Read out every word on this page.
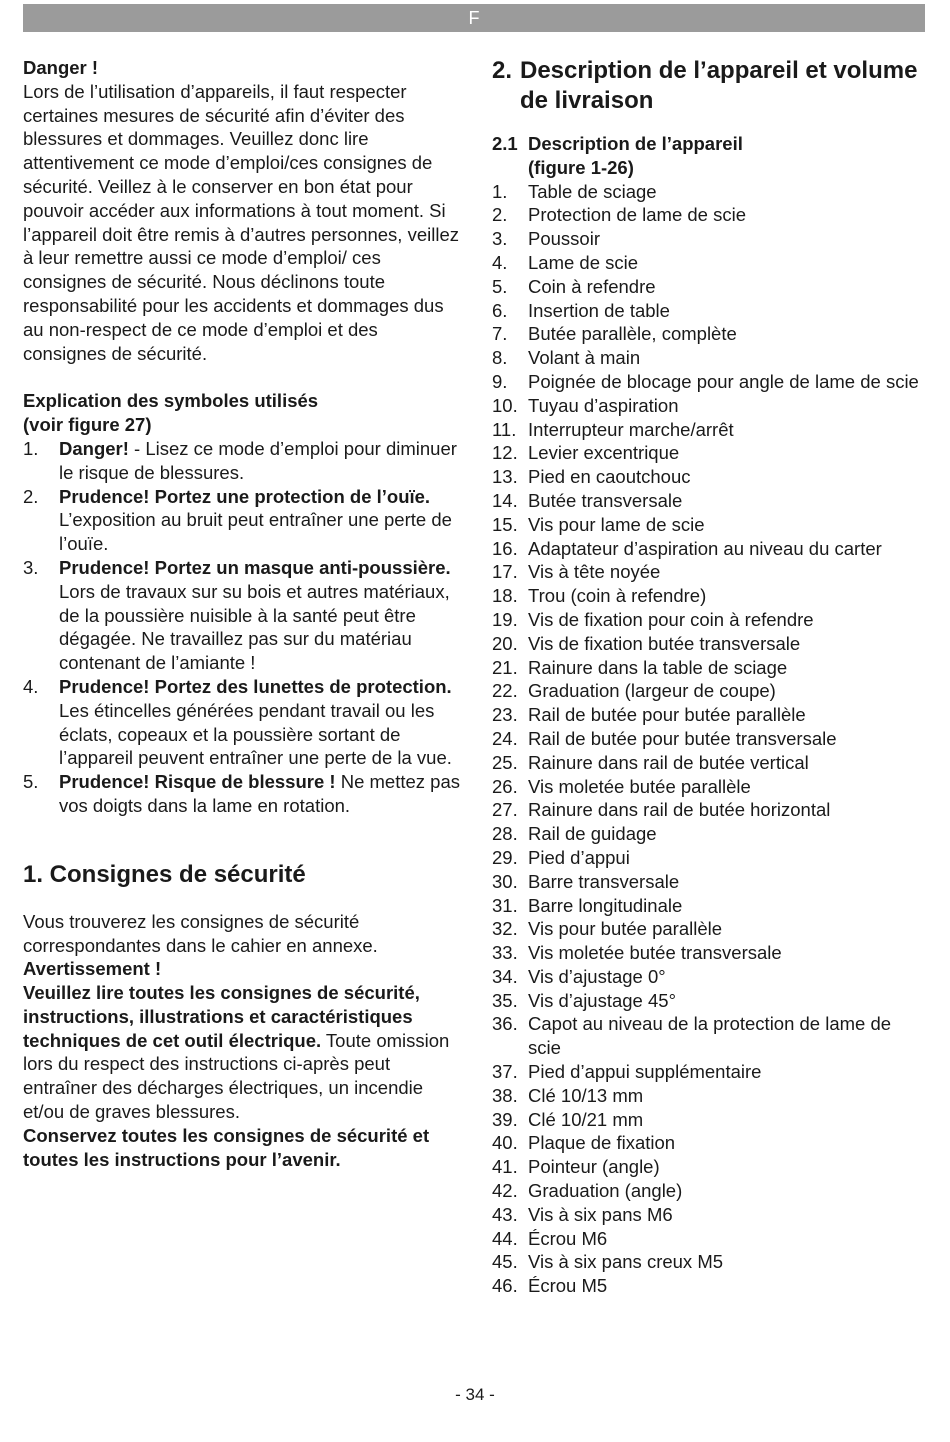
F

Danger !

Lors de l’utilisation d’appareils, il faut respecter certaines mesures de sécurité afin d’éviter des blessures et dommages. Veuillez donc lire attentivement ce mode d’emploi/ces consignes de sécurité. Veillez à le conserver en bon état pour pouvoir accéder aux informations à tout moment. Si l’appareil doit être remis à d’autres personnes, veillez à leur remettre aussi ce mode d’emploi/ ces consignes de sécurité. Nous déclinons toute responsabilité pour les accidents et dommages dus au non-respect de ce mode d’emploi et des consignes de sécurité.

Explication des symboles utilisés (voir figure 27)

1. Danger! - Lisez ce mode d’emploi pour diminuer le risque de blessures.
2. Prudence! Portez une protection de l’ouïe. L’exposition au bruit peut entraîner une perte de l’ouïe.
3. Prudence! Portez un masque anti-poussière. Lors de travaux sur su bois et autres matériaux, de la poussière nuisible à la santé peut être dégagée. Ne travaillez pas sur du matériau contenant de l’amiante !
4. Prudence! Portez des lunettes de protection. Les étincelles générées pendant travail ou les éclats, copeaux et la poussière sortant de l’appareil peuvent entraîner une perte de la vue.
5. Prudence! Risque de blessure ! Ne mettez pas vos doigts dans la lame en rotation.

1. Consignes de sécurité

Vous trouverez les consignes de sécurité correspondantes dans le cahier en annexe.

Avertissement !

Veuillez lire toutes les consignes de sécurité, instructions, illustrations et caractéristiques techniques de cet outil électrique. Toute omission lors du respect des instructions ci-après peut entraîner des décharges électriques, un incendie et/ou de graves blessures.

Conservez toutes les consignes de sécurité et toutes les instructions pour l’avenir.

2. Description de l’appareil et volume de livraison

2.1 Description de l’appareil (figure 1-26)

1. Table de sciage
2. Protection de lame de scie
3. Poussoir
4. Lame de scie
5. Coin à refendre
6. Insertion de table
7. Butée parallèle, complète
8. Volant à main
9. Poignée de blocage pour angle de lame de scie
10. Tuyau d’aspiration
11. Interrupteur marche/arrêt
12. Levier excentrique
13. Pied en caoutchouc
14. Butée transversale
15. Vis pour lame de scie
16. Adaptateur d’aspiration au niveau du carter
17. Vis à tête noyée
18. Trou (coin à refendre)
19. Vis de fixation pour coin à refendre
20. Vis de fixation butée transversale
21. Rainure dans la table de sciage
22. Graduation (largeur de coupe)
23. Rail de butée pour butée parallèle
24. Rail de butée pour butée transversale
25. Rainure dans rail de butée vertical
26. Vis moletée butée parallèle
27. Rainure dans rail de butée horizontal
28. Rail de guidage
29. Pied d’appui
30. Barre transversale
31. Barre longitudinale
32. Vis pour butée parallèle
33. Vis moletée butée transversale
34. Vis d’ajustage 0°
35. Vis d’ajustage 45°
36. Capot au niveau de la protection de lame de scie
37. Pied d’appui supplémentaire
38. Clé 10/13 mm
39. Clé 10/21 mm
40. Plaque de fixation
41. Pointeur (angle)
42. Graduation (angle)
43. Vis à six pans M6
44. Écrou M6
45. Vis à six pans creux M5
46. Écrou M5
- 34 -
